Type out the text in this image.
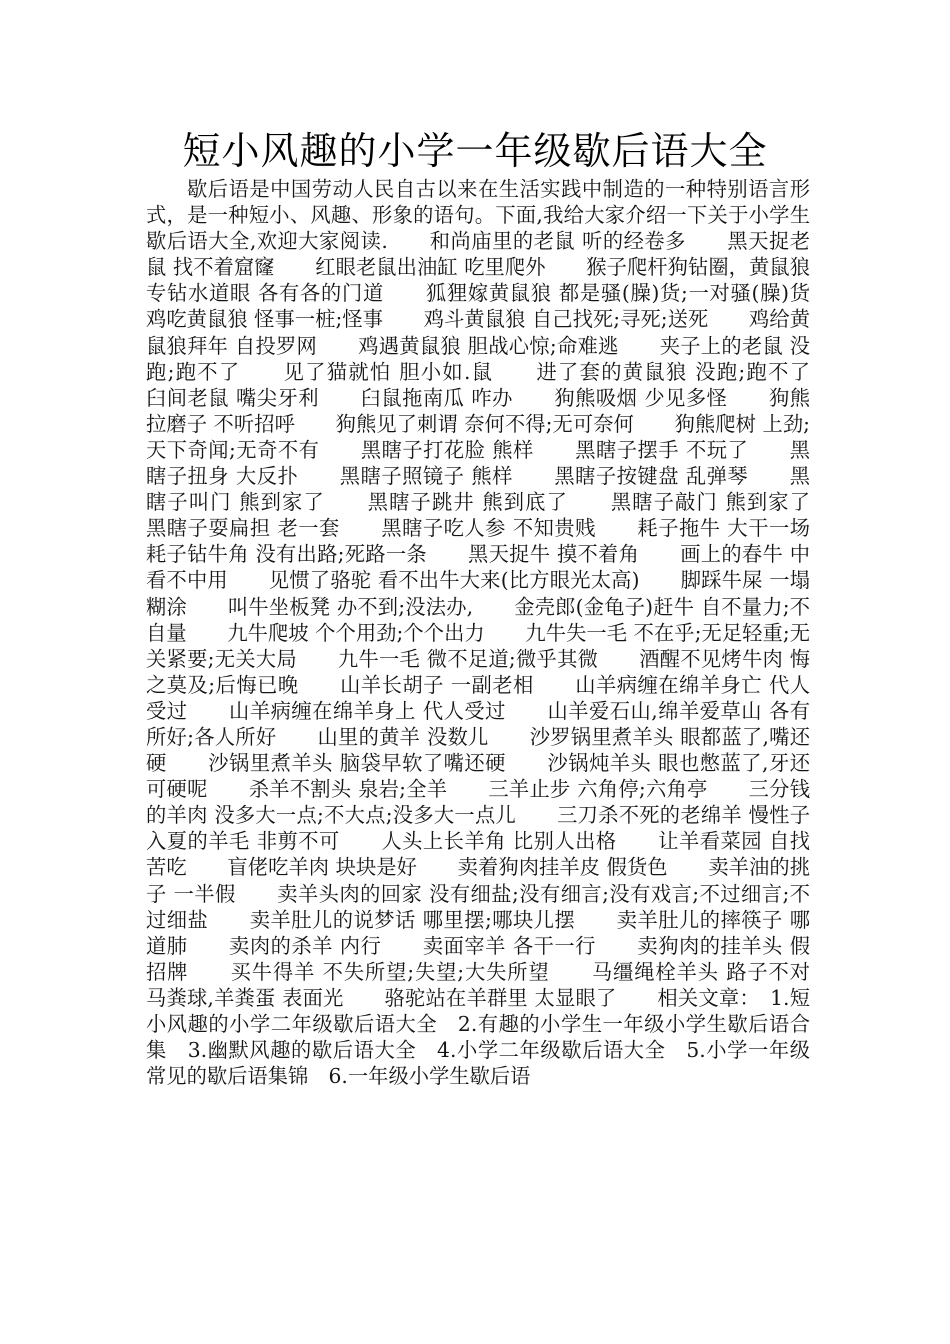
短小风趣的小学一年级歇后语大全
歇后语是中国劳动人民自古以来在生活实践中制造的一种特别语言形式，是一种短小、风趣、形象的语句。下面,我给大家介绍一下关于小学生歇后语大全,欢迎大家阅读.　　和尚庙里的老鼠 听的经卷多　　黑天捉老鼠 找不着窟窿　　红眼老鼠出油缸 吃里爬外　　猴子爬杆狗钻圈，黄鼠狼专钻水道眼 各有各的门道　　狐狸嫁黄鼠狼 都是骚(臊)货;一对骚(臊)货　　鸡吃黄鼠狼 怪事一桩;怪事　　鸡斗黄鼠狼 自己找死;寻死;送死　　鸡给黄鼠狼拜年 自投罗网　　鸡遇黄鼠狼 胆战心惊;命难逃　　夹子上的老鼠 没跑;跑不了　　见了猫就怕 胆小如.鼠　　进了套的黄鼠狼 没跑;跑不了　　臼间老鼠 嘴尖牙利　　臼鼠拖南瓜 咋办　　狗熊吸烟 少见多怪　　狗熊拉磨子 不听招呼　　狗熊见了刺谓 奈何不得;无可奈何　　狗熊爬树 上劲;天下奇闻;无奇不有　　黑瞎子打花脸 熊样　　黑瞎子摆手 不玩了　　黑瞎子扭身 大反扑　　黑瞎子照镜子 熊样　　黑瞎子按键盘 乱弹琴　　黑瞎子叫门 熊到家了　　黑瞎子跳井 熊到底了　　黑瞎子敲门 熊到家了　　黑瞎子耍扁担 老一套　　黑瞎子吃人参 不知贵贱　　耗子拖牛 大干一场　　耗子钻牛角 没有出路;死路一条　　黑天捉牛 摸不着角　　画上的春牛 中看不中用　　见惯了骆驼 看不出牛大来(比方眼光太高)　　脚踩牛屎 一塌糊涂　　叫牛坐板凳 办不到;没法办,　　金壳郎(金龟子)赶牛 自不量力;不自量　　九牛爬坡 个个用劲;个个出力　　九牛失一毛 不在乎;无足轻重;无关紧要;无关大局　　九牛一毛 微不足道;微乎其微　　酒醒不见烤牛肉 悔之莫及;后悔已晚　　山羊长胡子 一副老相　　山羊病缠在绵羊身亡 代人受过　　山羊病缠在绵羊身上 代人受过　　山羊爱石山,绵羊爱草山 各有所好;各人所好　　山里的黄羊 没数儿　　沙罗锅里煮羊头 眼都蓝了,嘴还硬　　沙锅里煮羊头 脑袋早软了嘴还硬　　沙锅炖羊头 眼也憋蓝了,牙还可硬呢　　杀羊不割头 泉岩;全羊　　三羊止步 六角停;六角亭　　三分钱的羊肉 没多大一点;不大点;没多大一点儿　　三刀杀不死的老绵羊 慢性子　　入夏的羊毛 非剪不可　　人头上长羊角 比别人出格　　让羊看菜园 自找苦吃　　盲佬吃羊肉 块块是好　　卖着狗肉挂羊皮 假货色　　卖羊油的挑子 一半假　　卖羊头肉的回家 没有细盐;没有细言;没有戏言;不过细言;不过细盐　　卖羊肚儿的说梦话 哪里摆;哪块儿摆　　卖羊肚儿的摔筷子 哪道肺　　卖肉的杀羊 内行　　卖面宰羊 各干一行　　卖狗肉的挂羊头 假招牌　　买牛得羊 不失所望;失望;大失所望　　马缰绳栓羊头 路子不对　　马粪球,羊粪蛋 表面光　　骆驼站在羊群里 太显眼了　　相关文章：　1.短小风趣的小学二年级歇后语大全　2.有趣的小学生一年级小学生歇后语合集　3.幽默风趣的歇后语大全　4.小学二年级歇后语大全　5.小学一年级常见的歇后语集锦　6.一年级小学生歇后语
